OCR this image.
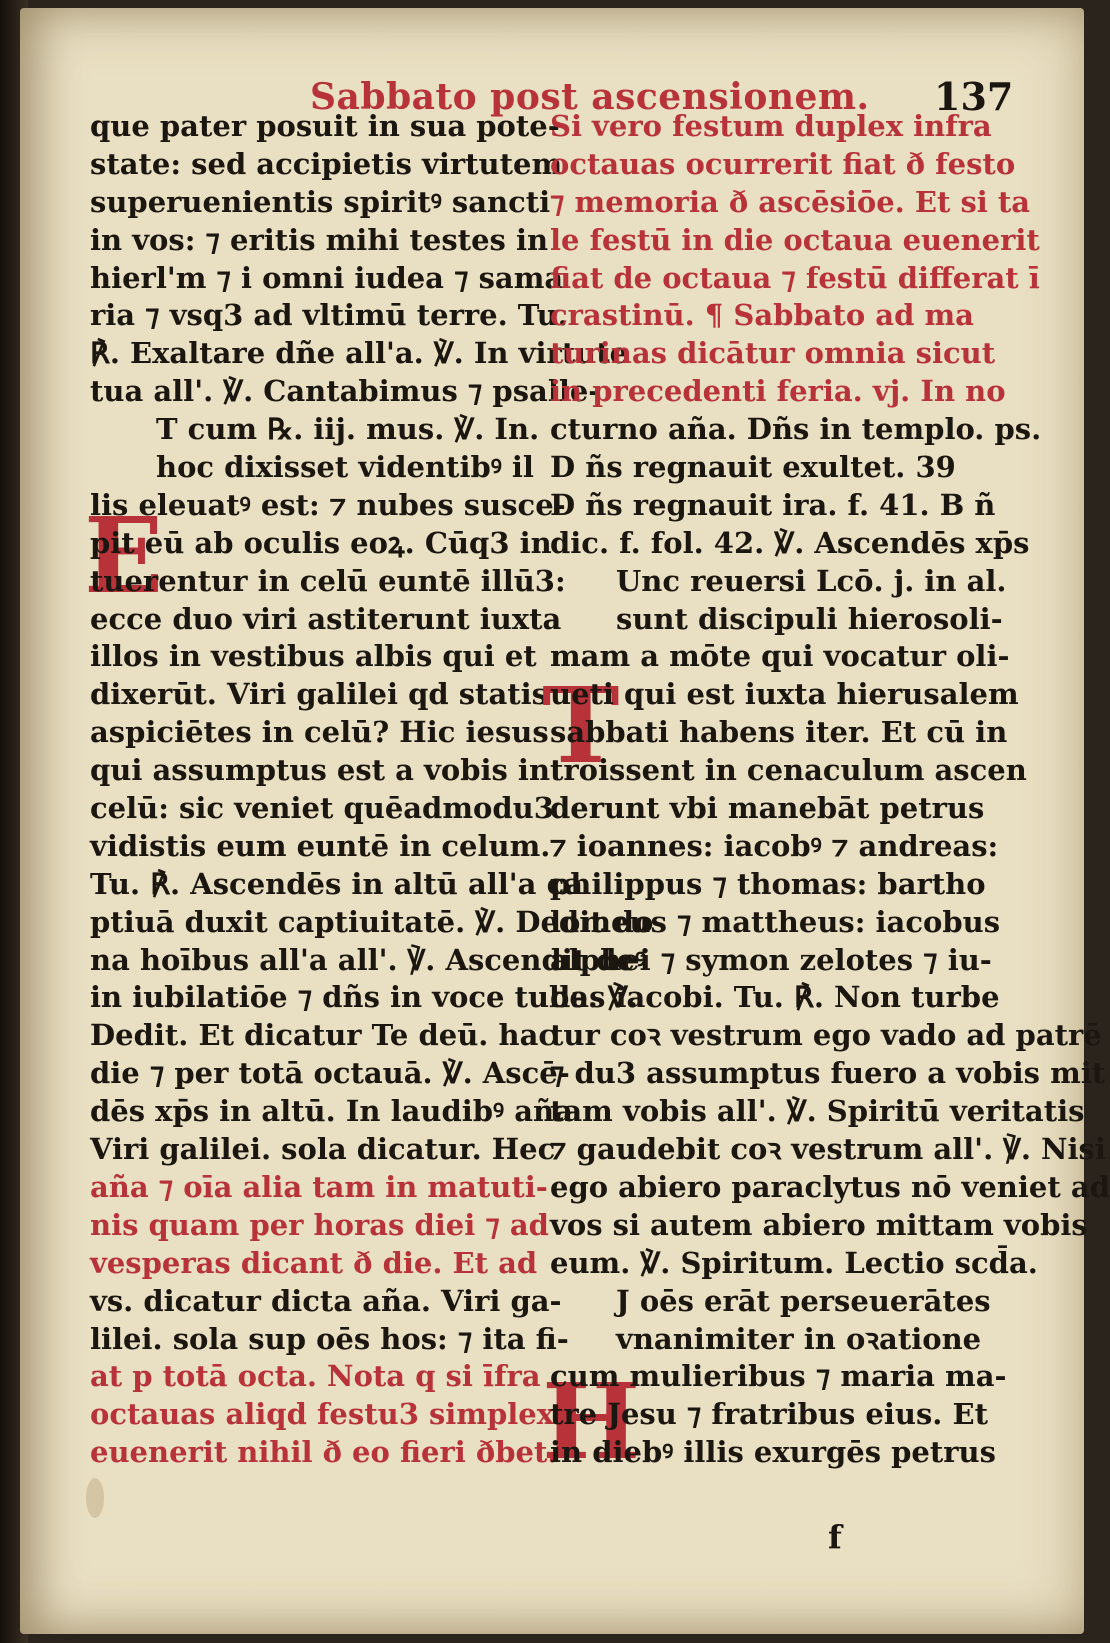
Sabbato post ascensionem. 137
E
que pater posuit in sua pote-
state: sed accipietis virtutem
superuenientis spiritꝰ sancti
in vos: ⁊ eritis mihi testes in
hierl'm ⁊ i omni iudea ⁊ sama
ria ⁊ vsq3 ad vltimū terre. Tu.
℟. Exaltare dñe all'a. ℣. In virtute
tua all'. ℣. Cantabimus ⁊ psalle-
T cum ℞. iij. mus. ℣. In.
hoc dixisset videntibꝰ il
lis eleuatꝰ est: ⁊ nubes susce-
pit eū ab oculis eoꝝ. Cūq3 in
tuerentur in celū euntē illū3:
ecce duo viri astiterunt iuxta
illos in vestibus albis qui et
dixerūt. Viri galilei qd statis
aspiciētes in celū? Hic iesus
qui assumptus est a vobis in
celū: sic veniet quēadmodu3
vidistis eum euntē in celum.
Tu. ℟. Ascendēs in altū all'a ca
ptiuā duxit captiuitatē. ℣. Dedit do
na hoībus all'a all'. ℣. Ascendit deꝰ
in iubilatiōe ⁊ dñs in voce tube. ℣.
Dedit. Et dicatur Te deū. hac
die ⁊ per totā octauā. ℣. Ascē-
dēs xp̄s in altū. In laudibꝰ aña
Viri galilei. sola dicatur. Hec
aña ⁊ oīa alia tam in matuti-
nis quam per horas diei ⁊ ad
vesperas dicant ð die. Et ad
vs. dicatur dicta aña. Viri ga-
lilei. sola sup oēs hos: ⁊ ita fi-
at p totā octa. Nota q si īfra
octauas aliqd festu3 simplex
euenerit nihil ð eo fieri ðbet.
T
H
Si vero festum duplex infra
octauas ocurrerit fiat ð festo
⁊ memoria ð ascēsiōe. Et si ta
le festū in die octaua euenerit
fiat de octaua ⁊ festū differat ī
crastinū. ¶ Sabbato ad ma
turinas dicātur omnia sicut
in precedenti feria. vj. In no
cturno aña. Dñs in templo. ps.
D ñs regnauit exultet. 39
D ñs regnauit ira. f. 41. B ñ
dic. f. fol. 42. ℣. Ascendēs xp̄s
Unc reuersi Lcō. j. in al.
sunt discipuli hierosoli-
mam a mōte qui vocatur oli-
ueti qui est iuxta hierusalem
sabbati habens iter. Et cū in
troissent in cenaculum ascen
derunt vbi manebāt petrus
⁊ ioannes: iacobꝰ ⁊ andreas:
philippus ⁊ thomas: bartho
lomeus ⁊ mattheus: iacobus
alphei ⁊ symon zelotes ⁊ iu-
das iacobi. Tu. ℟. Non turbe
tur coꝛ vestrum ego vado ad patrē
⁊ du3 assumptus fuero a vobis mit
tam vobis all'. ℣. Spiritū veritatis
⁊ gaudebit coꝛ vestrum all'. ℣. Nisi
ego abiero paraclytus nō veniet ad
vos si autem abiero mittam vobis
eum. ℣. Spiritum. Lectio scd̄a.
J oēs erāt perseuerātes
vnanimiter in oꝛatione
cum mulieribus ⁊ maria ma-
tre Jesu ⁊ fratribus eius. Et
in diebꝰ illis exurgēs petrus
f
